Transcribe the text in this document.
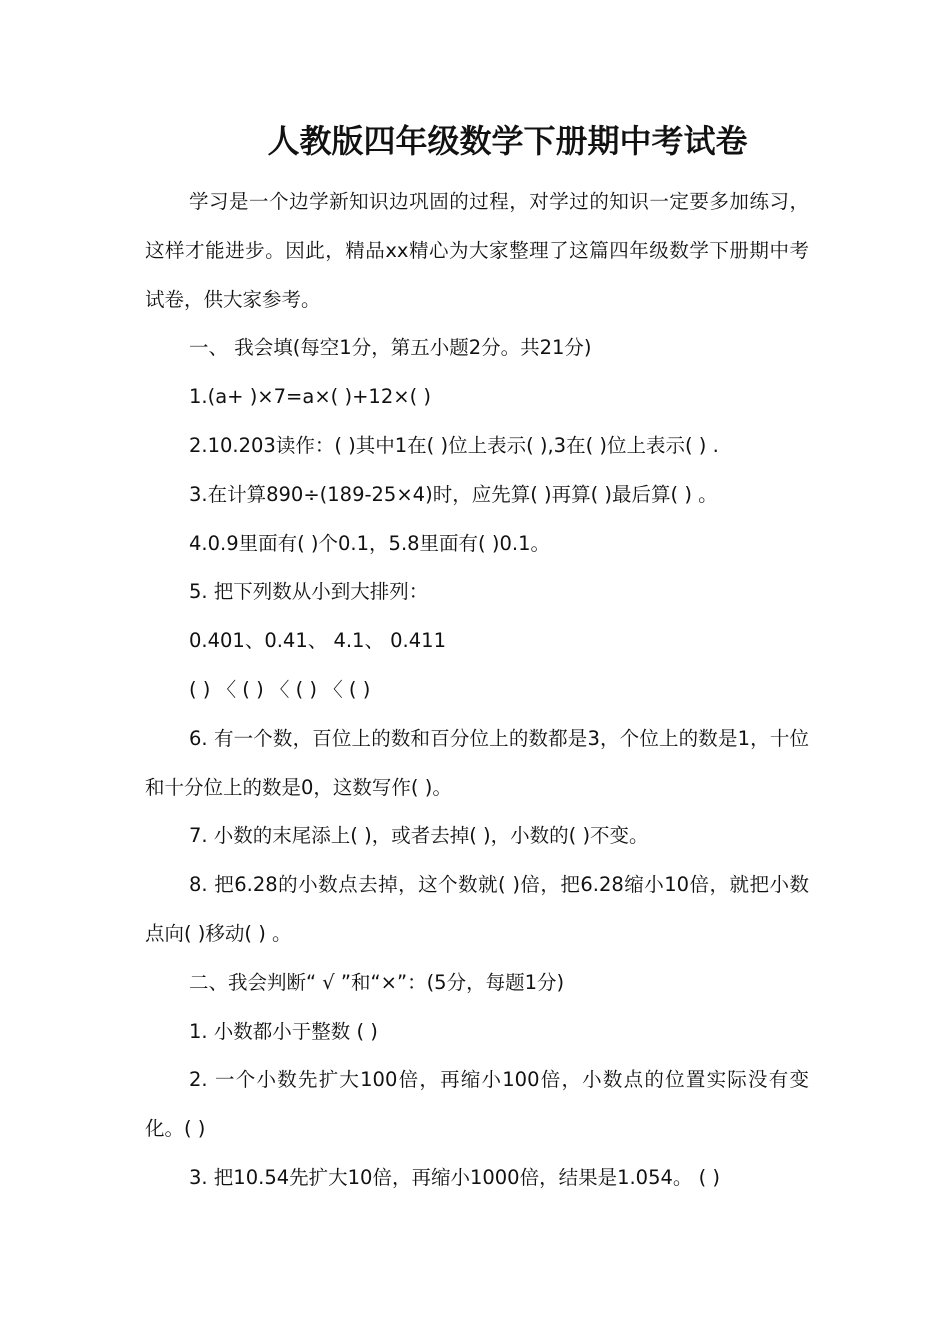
人教版四年级数学下册期中考试卷

学习是一个边学新知识边巩固的过程，对学过的知识一定要多加练习，这样才能进步。因此，精品xx精心为大家整理了这篇四年级数学下册期中考试卷，供大家参考。

一、 我会填(每空1分，第五小题2分。共21分)

1.(a+ )×7=a×( )+12×( )

2.10.203读作：( )其中1在( )位上表示( ),3在( )位上表示( ) .

3.在计算890÷(189-25×4)时，应先算( )再算( )最后算( ) 。

4.0.9里面有( )个0.1，5.8里面有( )0.1。

5. 把下列数从小到大排列：

0.401、0.41、 4.1、 0.411

( ) 〈 ( ) 〈 ( ) 〈 ( )

6. 有一个数，百位上的数和百分位上的数都是3，个位上的数是1，十位和十分位上的数是0，这数写作( )。

7. 小数的末尾添上( )，或者去掉( )，小数的( )不变。

8. 把6.28的小数点去掉，这个数就( )倍，把6.28缩小10倍，就把小数点向( )移动( ) 。

二、我会判断“ √ ”和“×”：(5分，每题1分)

1. 小数都小于整数 ( )

2. 一个小数先扩大100倍，再缩小100倍，小数点的位置实际没有变化。( )

3. 把10.54先扩大10倍，再缩小1000倍，结果是1.054。 ( )
